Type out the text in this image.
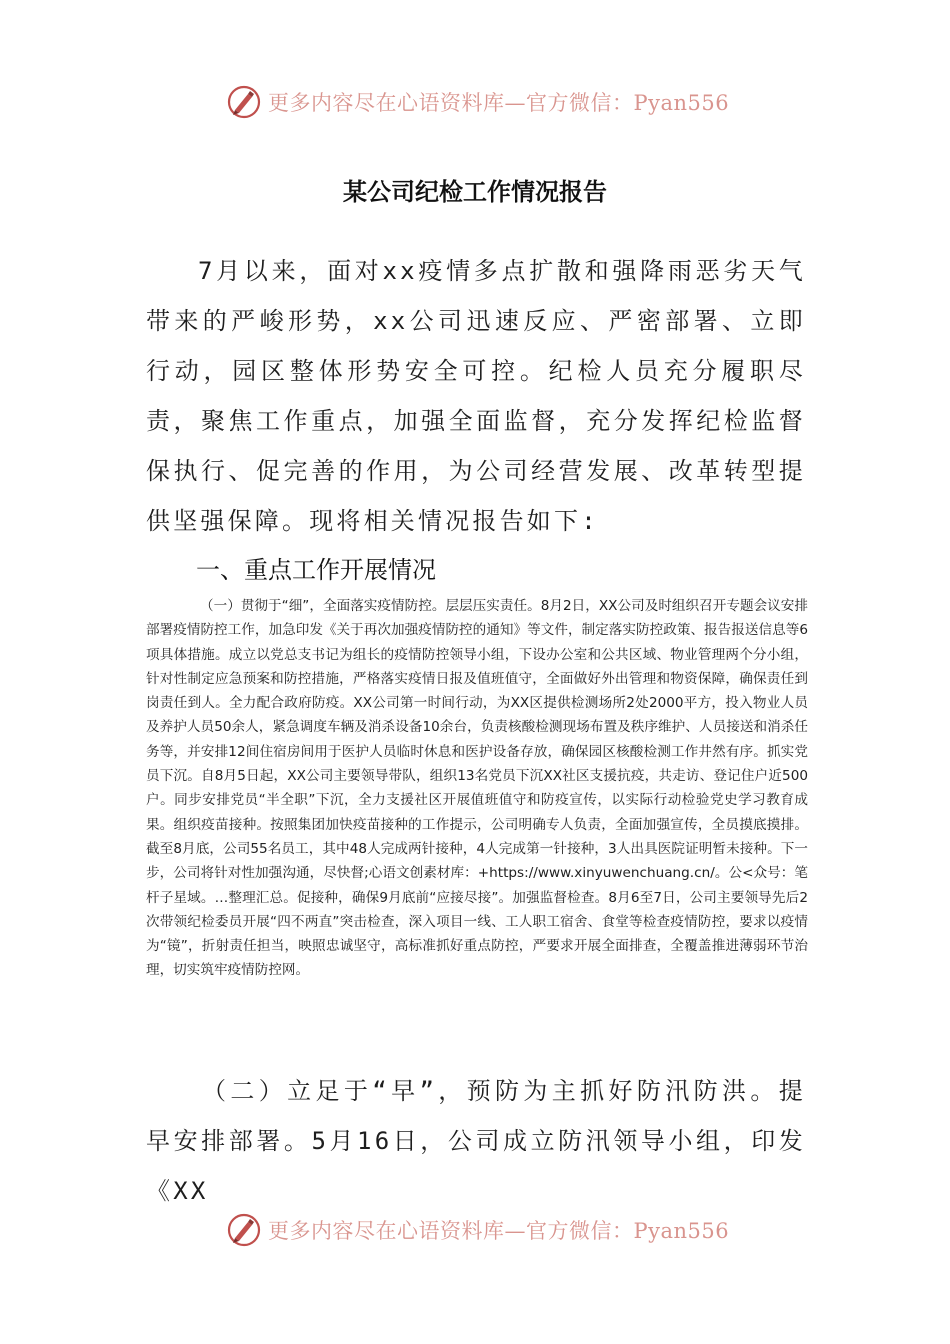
更多内容尽在心语资料库—官方微信：Pyan556
某公司纪检工作情况报告
7月以来，面对xx疫情多点扩散和强降雨恶劣天气带来的严峻形势，xx公司迅速反应、严密部署、立即行动，园区整体形势安全可控。纪检人员充分履职尽责，聚焦工作重点，加强全面监督，充分发挥纪检监督保执行、促完善的作用，为公司经营发展、改革转型提供坚强保障。现将相关情况报告如下:
一、重点工作开展情况
（一）贯彻于“细”，全面落实疫情防控。层层压实责任。8月2日，XX公司及时组织召开专题会议安排部署疫情防控工作，加急印发《关于再次加强疫情防控的通知》等文件，制定落实防控政策、报告报送信息等6项具体措施。成立以党总支书记为组长的疫情防控领导小组，下设办公室和公共区域、物业管理两个分小组，针对性制定应急预案和防控措施，严格落实疫情日报及值班值守，全面做好外出管理和物资保障，确保责任到岗责任到人。全力配合政府防疫。XX公司第一时间行动，为XX区提供检测场所2处2000平方，投入物业人员及养护人员50余人，紧急调度车辆及消杀设备10余台，负责核酸检测现场布置及秩序维护、人员接送和消杀任务等，并安排12间住宿房间用于医护人员临时休息和医护设备存放，确保园区核酸检测工作井然有序。抓实党员下沉。自8月5日起，XX公司主要领导带队，组织13名党员下沉XX社区支援抗疫，共走访、登记住户近500户。同步安排党员“半全职”下沉，全力支援社区开展值班值守和防疫宣传，以实际行动检验党史学习教育成果。组织疫苗接种。按照集团加快疫苗接种的工作提示，公司明确专人负责，全面加强宣传，全员摸底摸排。截至8月底，公司55名员工，其中48人完成两针接种，4人完成第一针接种，3人出具医院证明暂未接种。下一步，公司将针对性加强沟通，尽快督;心语文创素材库：+https://www.xinyuwenchuang.cn/。公<众号：笔杆子星域。…整理汇总。促接种，确保9月底前“应接尽接”。加强监督检查。8月6至7日，公司主要领导先后2次带领纪检委员开展“四不两直”突击检查，深入项目一线、工人职工宿舍、食堂等检查疫情防控，要求以疫情为“镜”，折射责任担当，映照忠诚坚守，高标准抓好重点防控，严要求开展全面排查，全覆盖推进薄弱环节治理，切实筑牢疫情防控网。
（二）立足于“早”，预防为主抓好防汛防洪。提早安排部署。5月16日，公司成立防汛领导小组，印发《XX
更多内容尽在心语资料库—官方微信：Pyan556
